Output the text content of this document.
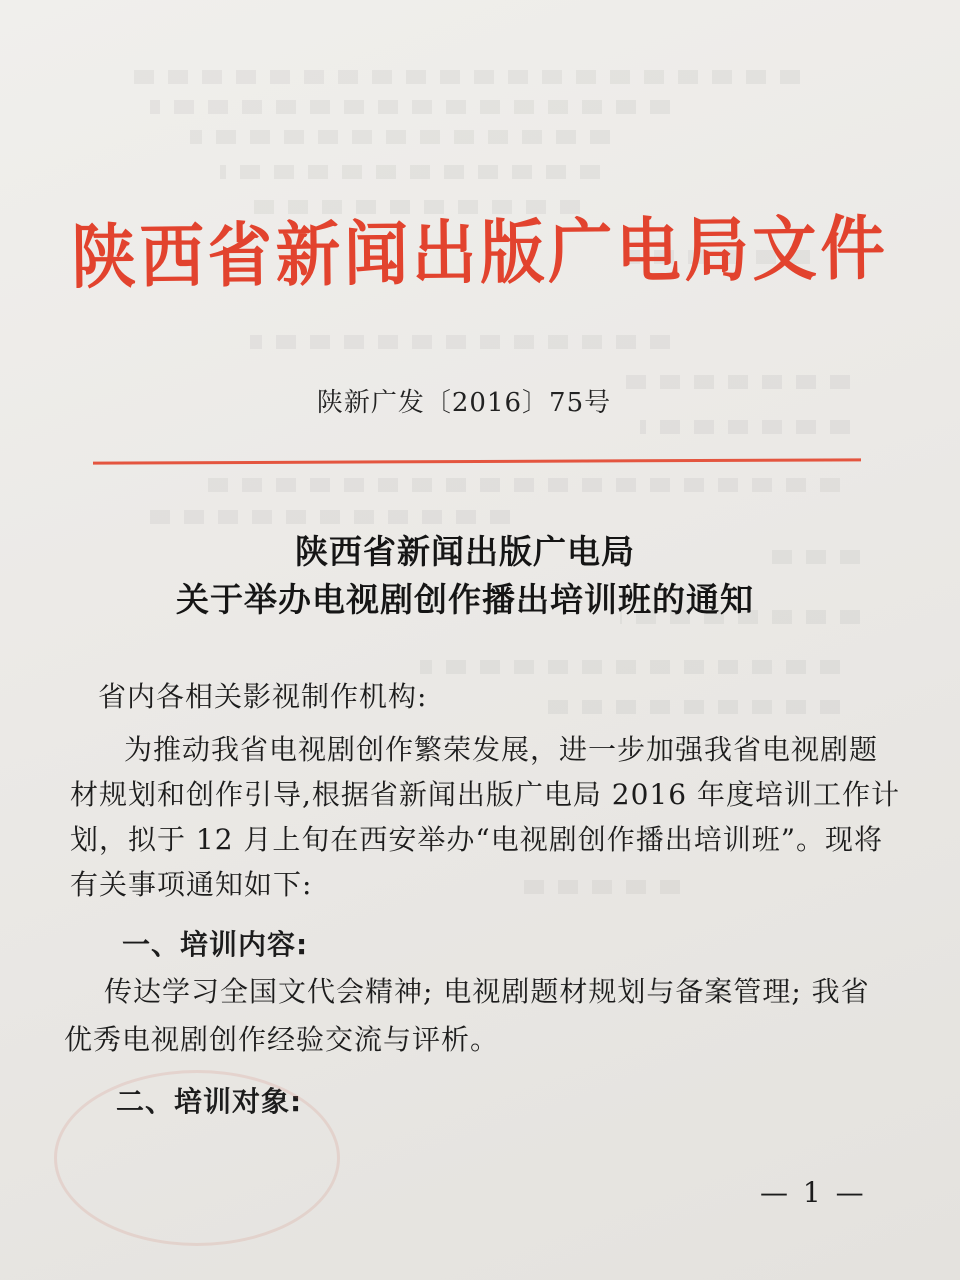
陕西省新闻出版广电局文件
陕新广发〔2016〕75号
陕西省新闻出版广电局
关于举办电视剧创作播出培训班的通知
省内各相关影视制作机构:
为推动我省电视剧创作繁荣发展，进一步加强我省电视剧题
材规划和创作引导,根据省新闻出版广电局 2016 年度培训工作计
划，拟于 12 月上旬在西安举办“电视剧创作播出培训班”。现将
有关事项通知如下:
一、培训内容:
传达学习全国文代会精神; 电视剧题材规划与备案管理; 我省
优秀电视剧创作经验交流与评析。
二、培训对象:
— 1 —
